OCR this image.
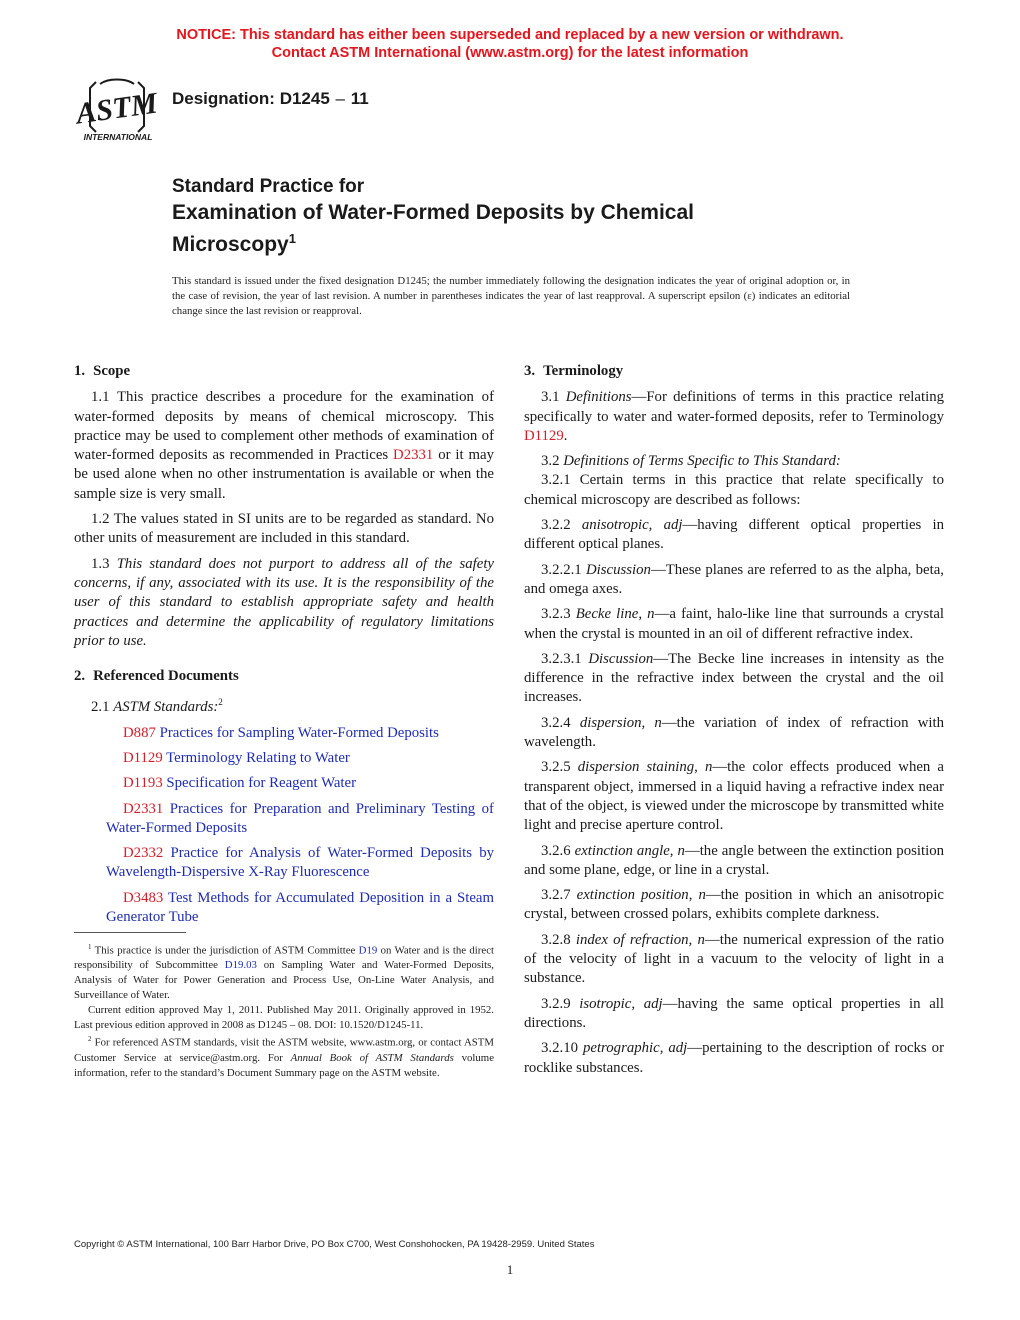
NOTICE: This standard has either been superseded and replaced by a new version or withdrawn.
Contact ASTM International (www.astm.org) for the latest information
ASTM
INTERNATIONAL
Designation: D1245 – 11
Standard Practice for
Examination of Water-Formed Deposits by Chemical
Microscopy$^1$
This standard is issued under the fixed designation D1245; the number immediately following the designation indicates the year of original adoption or, in the case of revision, the year of last revision. A number in parentheses indicates the year of last reapproval. A superscript epsilon (ε) indicates an editorial change since the last revision or reapproval.
1. Scope

1.1 This practice describes a procedure for the examination of water-formed deposits by means of chemical microscopy. This practice may be used to complement other methods of examination of water-formed deposits as recommended in Practices D2331 or it may be used alone when no other instrumentation is available or when the sample size is very small.

1.2 The values stated in SI units are to be regarded as standard. No other units of measurement are included in this standard.

1.3 This standard does not purport to address all of the safety concerns, if any, associated with its use. It is the responsibility of the user of this standard to establish appropriate safety and health practices and determine the applicability of regulatory limitations prior to use.

2. Referenced Documents

2.1 ASTM Standards:$^2$

D887 Practices for Sampling Water-Formed Deposits

D1129 Terminology Relating to Water

D1193 Specification for Reagent Water

D2331 Practices for Preparation and Preliminary Testing of Water-Formed Deposits

D2332 Practice for Analysis of Water-Formed Deposits by Wavelength-Dispersive X-Ray Fluorescence

D3483 Test Methods for Accumulated Deposition in a Steam Generator Tube

$^1$ This practice is under the jurisdiction of ASTM Committee D19 on Water and is the direct responsibility of Subcommittee D19.03 on Sampling Water and Water-Formed Deposits, Analysis of Water for Power Generation and Process Use, On-Line Water Analysis, and Surveillance of Water.

Current edition approved May 1, 2011. Published May 2011. Originally approved in 1952. Last previous edition approved in 2008 as D1245 – 08. DOI: 10.1520/D1245-11.

$^2$ For referenced ASTM standards, visit the ASTM website, www.astm.org, or contact ASTM Customer Service at service@astm.org. For Annual Book of ASTM Standards volume information, refer to the standard’s Document Summary page on the ASTM website.

3. Terminology

3.1 Definitions—For definitions of terms in this practice relating specifically to water and water-formed deposits, refer to Terminology D1129.

3.2 Definitions of Terms Specific to This Standard:

3.2.1 Certain terms in this practice that relate specifically to chemical microscopy are described as follows:

3.2.2 anisotropic, adj—having different optical properties in different optical planes.

3.2.2.1 Discussion—These planes are referred to as the alpha, beta, and omega axes.

3.2.3 Becke line, n—a faint, halo-like line that surrounds a crystal when the crystal is mounted in an oil of different refractive index.

3.2.3.1 Discussion—The Becke line increases in intensity as the difference in the refractive index between the crystal and the oil increases.

3.2.4 dispersion, n—the variation of index of refraction with wavelength.

3.2.5 dispersion staining, n—the color effects produced when a transparent object, immersed in a liquid having a refractive index near that of the object, is viewed under the microscope by transmitted white light and precise aperture control.

3.2.6 extinction angle, n—the angle between the extinction position and some plane, edge, or line in a crystal.

3.2.7 extinction position, n—the position in which an anisotropic crystal, between crossed polars, exhibits complete darkness.

3.2.8 index of refraction, n—the numerical expression of the ratio of the velocity of light in a vacuum to the velocity of light in a substance.

3.2.9 isotropic, adj—having the same optical properties in all directions.

3.2.10 petrographic, adj—pertaining to the description of rocks or rocklike substances.

Copyright © ASTM International, 100 Barr Harbor Drive, PO Box C700, West Conshohocken, PA 19428-2959. United States
1
